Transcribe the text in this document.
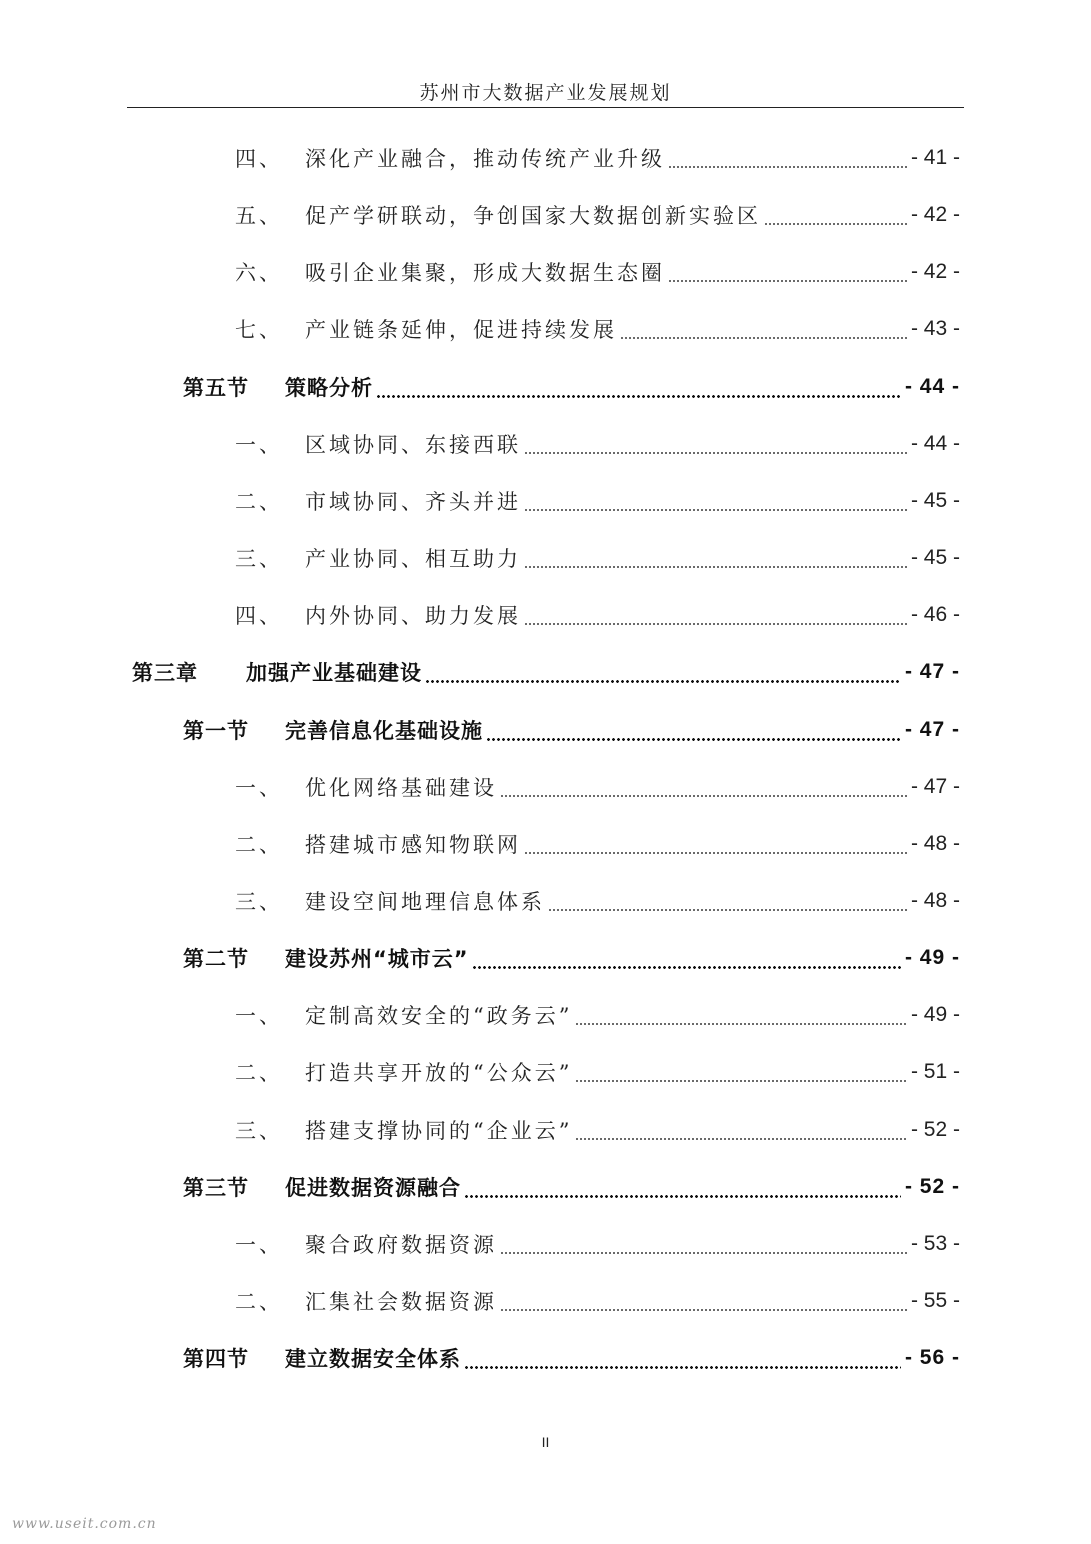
苏州市大数据产业发展规划
四、	深化产业融合，推动传统产业升级	- 41 -
五、	促产学研联动，争创国家大数据创新实验区	- 42 -
六、	吸引企业集聚，形成大数据生态圈	- 42 -
七、	产业链条延伸，促进持续发展	- 43 -
第五节	策略分析	- 44 -
一、	区域协同、东接西联	- 44 -
二、	市域协同、齐头并进	- 45 -
三、	产业协同、相互助力	- 45 -
四、	内外协同、助力发展	- 46 -
第三章	加强产业基础建设	- 47 -
第一节	完善信息化基础设施	- 47 -
一、	优化网络基础建设	- 47 -
二、	搭建城市感知物联网	- 48 -
三、	建设空间地理信息体系	- 48 -
第二节	建设苏州“城市云”	- 49 -
一、	定制高效安全的“政务云”	- 49 -
二、	打造共享开放的“公众云”	- 51 -
三、	搭建支撑协同的“企业云”	- 52 -
第三节	促进数据资源融合	- 52 -
一、	聚合政府数据资源	- 53 -
二、	汇集社会数据资源	- 55 -
第四节	建立数据安全体系	- 56 -
II
www.useit.com.cn
